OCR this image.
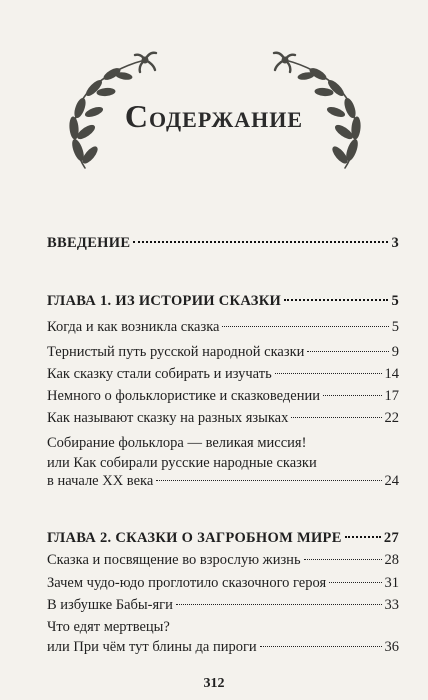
Содержание
ВВЕДЕНИЕ	3
ГЛАВА 1. ИЗ ИСТОРИИ СКАЗКИ	5
Когда и как возникла сказка	5
Тернистый путь русской народной сказки	9
Как сказку стали собирать и изучать	14
Немного о фольклористике и сказковедении	17
Как называют сказку на разных языках	22
Собирание фольклора — великая миссия!
или Как собирали русские народные сказки
в начале XX века	24
ГЛАВА 2. СКАЗКИ О ЗАГРОБНОМ МИРЕ	27
Сказка и посвящение во взрослую жизнь	28
Зачем чудо-юдо проглотило сказочного героя	31
В избушке Бабы-яги	33
Что едят мертвецы?
или При чём тут блины да пироги	36
312
